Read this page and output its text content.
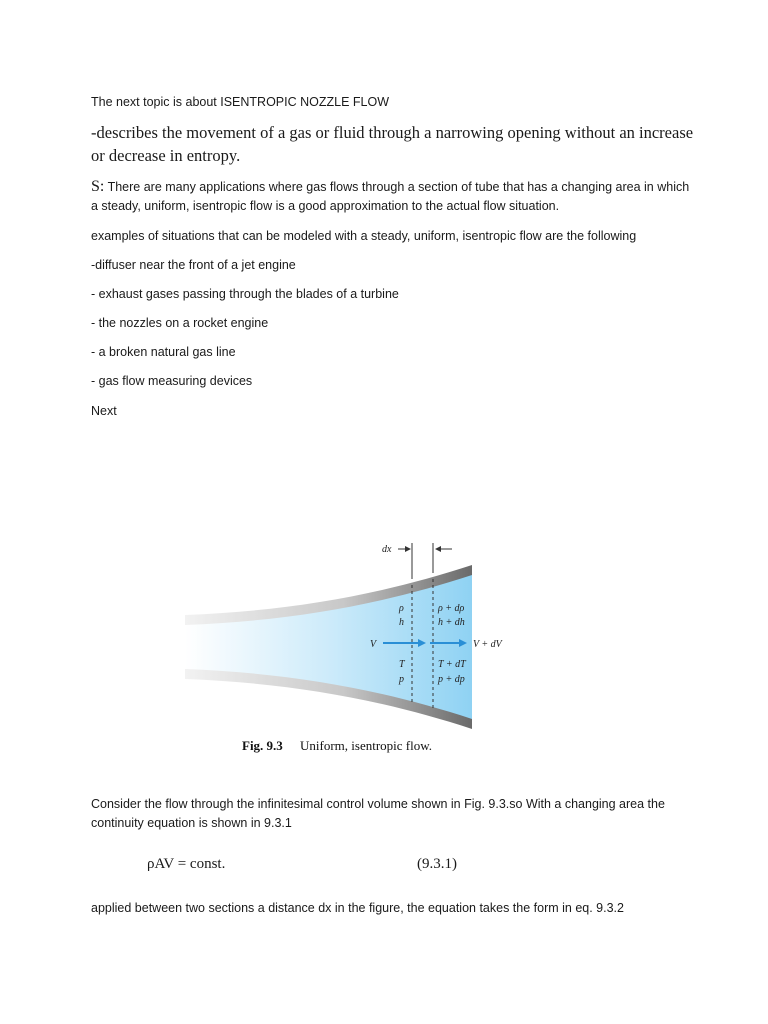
The next topic is about ISENTROPIC NOZZLE FLOW

-describes the movement of a gas or fluid through a narrowing opening without an increase or decrease in entropy.

S: There are many applications where gas flows through a section of tube that has a changing area in which a steady, uniform, isentropic flow is a good approximation to the actual flow situation.

examples of situations that can be modeled with a steady, uniform, isentropic flow are the following

-diffuser near the front of a jet engine

- exhaust gases passing through the blades of a turbine

- the nozzles on a rocket engine

- a broken natural gas line

- gas flow measuring devices

Next

dx
ρ
h
T
p
ρ + dρ
h + dh
T + dT
p + dp
V	V + dV
Fig. 9.3 Uniform, isentropic flow.

Consider the flow through the infinitesimal control volume shown in Fig. 9.3.so With a changing area the continuity equation is shown in 9.3.1

ρAV = const.	(9.3.1)

applied between two sections a distance dx in the figure, the equation takes the form in eq. 9.3.2
